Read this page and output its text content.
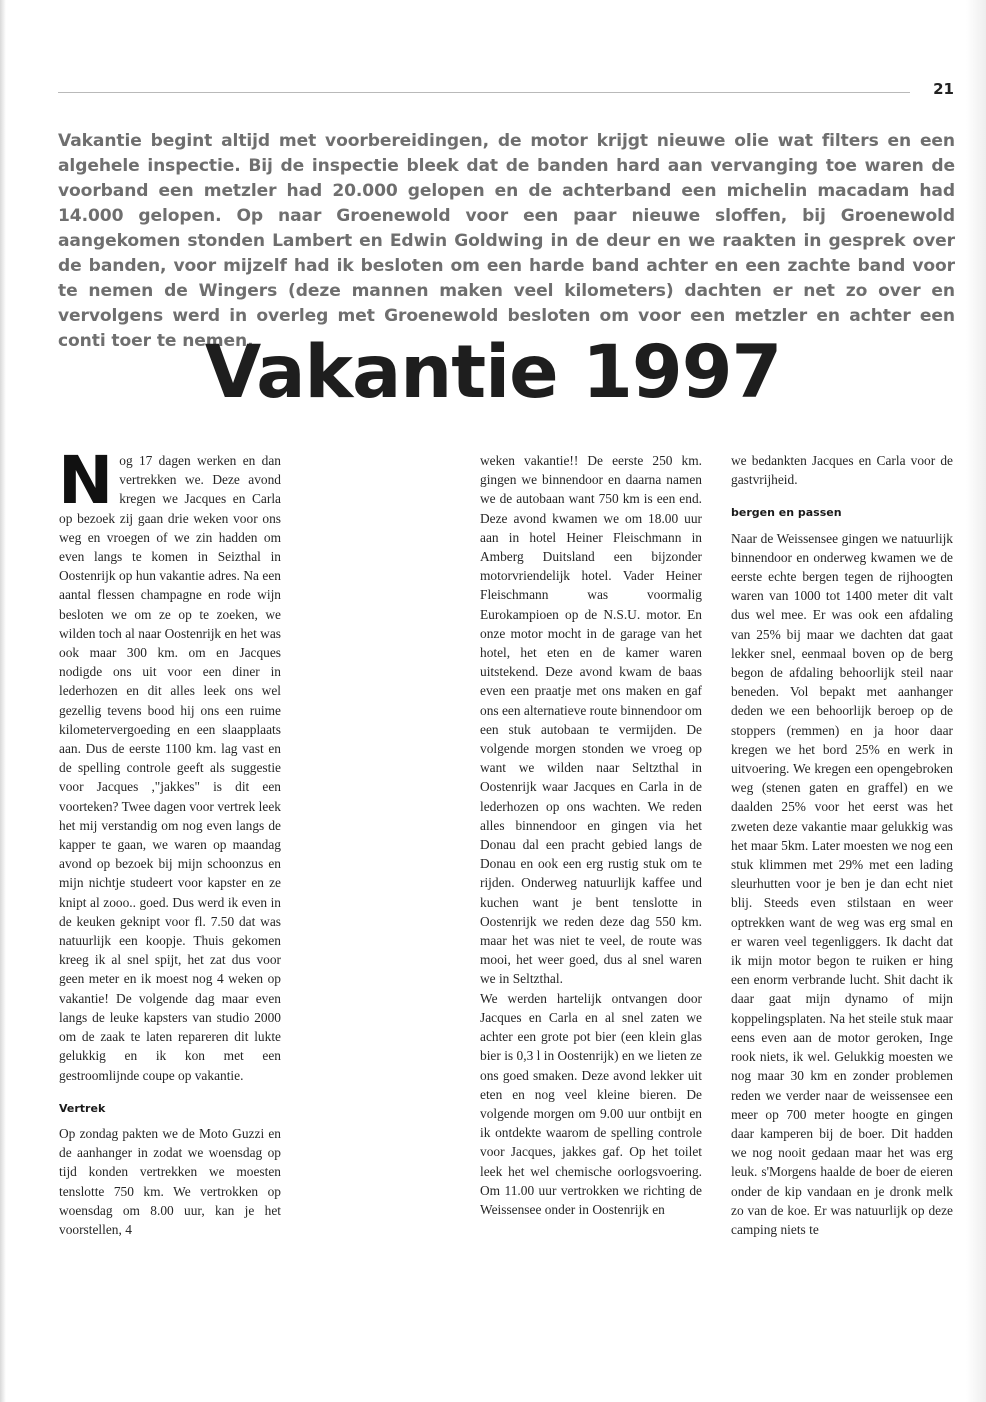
21
Vakantie begint altijd met voorbereidingen, de motor krijgt nieuwe olie wat filters en een algehele inspectie. Bij de inspectie bleek dat de banden hard aan vervanging toe waren de voorband een metzler had 20.000 gelopen en de achterband een michelin macadam had 14.000 gelopen. Op naar Groenewold voor een paar nieuwe sloffen, bij Groenewold aangekomen stonden Lambert en Edwin Goldwing in de deur en we raakten in gesprek over de banden, voor mijzelf had ik besloten om een harde band achter en een zachte band voor te nemen de Wingers (deze mannen maken veel kilometers) dachten er net zo over en vervolgens werd in overleg met Groenewold besloten om voor een metzler en achter een conti toer te nemen.
Vakantie 1997

Nog 17 dagen werken en dan vertrekken we. Deze avond kregen we Jacques en Carla op bezoek zij gaan drie weken voor ons weg en vroegen of we zin hadden om even langs te komen in Seizthal in Oostenrijk op hun vakantie adres. Na een aantal flessen champagne en rode wijn besloten we om ze op te zoeken, we wilden toch al naar Oostenrijk en het was ook maar 300 km. om en Jacques nodigde ons uit voor een diner in lederhozen en dit alles leek ons wel gezellig tevens bood hij ons een ruime kilometervergoeding en een slaapplaats aan. Dus de eerste 1100 km. lag vast en de spelling controle geeft als suggestie voor Jacques ,"jakkes" is dit een voorteken? Twee dagen voor vertrek leek het mij verstandig om nog even langs de kapper te gaan, we waren op maandag avond op bezoek bij mijn schoonzus en mijn nichtje studeert voor kapster en ze knipt al zooo.. goed. Dus werd ik even in de keuken geknipt voor fl. 7.50 dat was natuurlijk een koopje. Thuis gekomen kreeg ik al snel spijt, het zat dus voor geen meter en ik moest nog 4 weken op vakantie! De volgende dag maar even langs de leuke kapsters van studio 2000 om de zaak te laten repareren dit lukte gelukkig en ik kon met een gestroomlijnde coupe op vakantie.

Vertrek

Op zondag pakten we de Moto Guzzi en de aanhanger in zodat we woensdag op tijd konden vertrekken we moesten tenslotte 750 km. We vertrokken op woensdag om 8.00 uur, kan je het voorstellen, 4

weken vakantie!! De eerste 250 km. gingen we binnendoor en daarna namen we de autobaan want 750 km is een end. Deze avond kwamen we om 18.00 uur aan in hotel Heiner Fleischmann in Amberg Duitsland een bijzonder motorvriendelijk hotel. Vader Heiner Fleischmann was voormalig Eurokampioen op de N.S.U. motor. En onze motor mocht in de garage van het hotel, het eten en de kamer waren uitstekend. Deze avond kwam de baas even een praatje met ons maken en gaf ons een alternatieve route binnendoor om een stuk autobaan te vermijden. De volgende morgen stonden we vroeg op want we wilden naar Seltzthal in Oostenrijk waar Jacques en Carla in de lederhozen op ons wachten. We reden alles binnendoor en gingen via het Donau dal een pracht gebied langs de Donau en ook een erg rustig stuk om te rijden. Onderweg natuurlijk kaffee und kuchen want je bent tenslotte in Oostenrijk we reden deze dag 550 km. maar het was niet te veel, de route was mooi, het weer goed, dus al snel waren we in Seltzthal.

We werden hartelijk ontvangen door Jacques en Carla en al snel zaten we achter een grote pot bier (een klein glas bier is 0,3 l in Oostenrijk) en we lieten ze ons goed smaken. Deze avond lekker uit eten en nog veel kleine bieren. De volgende morgen om 9.00 uur ontbijt en ik ontdekte waarom de spelling controle voor Jacques, jakkes gaf. Op het toilet leek het wel chemische oorlogsvoering. Om 11.00 uur vertrokken we richting de Weissensee onder in Oostenrijk en

we bedankten Jacques en Carla voor de gastvrijheid.

bergen en passen

Naar de Weissensee gingen we natuurlijk binnendoor en onderweg kwamen we de eerste echte bergen tegen de rijhoogten waren van 1000 tot 1400 meter dit valt dus wel mee. Er was ook een afdaling van 25% bij maar we dachten dat gaat lekker snel, eenmaal boven op de berg begon de afdaling behoorlijk steil naar beneden. Vol bepakt met aanhanger deden we een behoorlijk beroep op de stoppers (remmen) en ja hoor daar kregen we het bord 25% en werk in uitvoering. We kregen een opengebroken weg (stenen gaten en graffel) en we daalden 25% voor het eerst was het zweten deze vakantie maar gelukkig was het maar 5km. Later moesten we nog een stuk klimmen met 29% met een lading sleurhutten voor je ben je dan echt niet blij. Steeds even stilstaan en weer optrekken want de weg was erg smal en er waren veel tegenliggers. Ik dacht dat ik mijn motor begon te ruiken er hing een enorm verbrande lucht. Shit dacht ik daar gaat mijn dynamo of mijn koppelingsplaten. Na het steile stuk maar eens even aan de motor geroken, Inge rook niets, ik wel. Gelukkig moesten we nog maar 30 km en zonder problemen reden we verder naar de weissensee een meer op 700 meter hoogte en gingen daar kamperen bij de boer. Dit hadden we nog nooit gedaan maar het was erg leuk. s'Morgens haalde de boer de eieren onder de kip vandaan en je dronk melk zo van de koe. Er was natuurlijk op deze camping niets te
